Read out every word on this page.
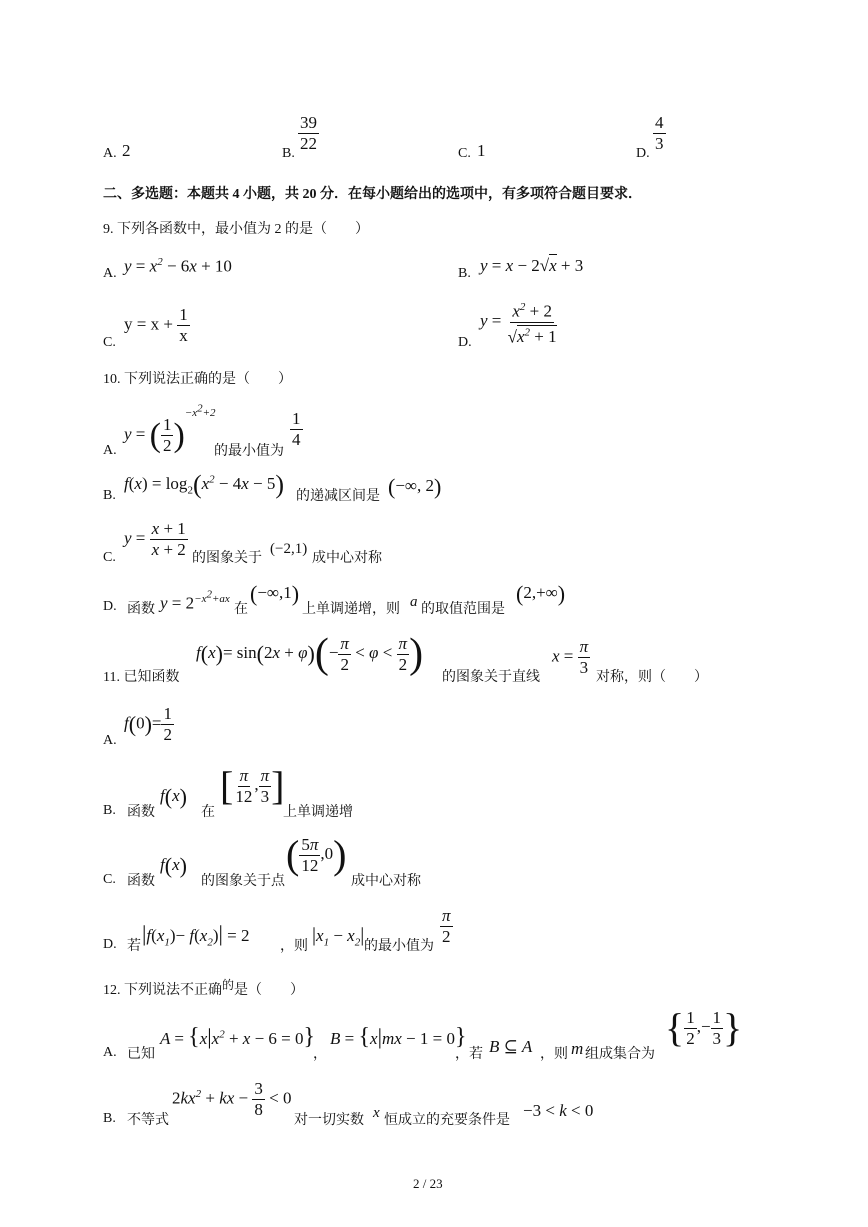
A. 2	B.
$\frac{39}{22}$
C. 1	D.
$\frac{4}{3}$
二、多选题：本题共 4 小题，共 20 分．在每小题给出的选项中，有多项符合题目要求．
9. 下列各函数中，最小值为 2 的是（　　）
A. $y = x^2 - 6x + 10$	B. y = x − 2√x + 3
C.
$y = x + \frac{1}{x}$	D.
$y = \frac{x^2 + 2}{√x^2 + 1}$
10. 下列说法正确的是（　　）
A.
y = ( $\frac{1}{2} )^{-x^2+2}$
的最小值为
$\frac{1}{4}$
B.
$f(x) = \log_2(x^2 - 4x - 5)$ 的递减区间是 (−∞, 2)
C.
$y = \frac{x + 1}{x + 2}$ 的图象关于
(−2,1)
成中心对称
D. 函数 $y = 2^{-x^2+ax}$
在
(−∞,1)
上单调递增，则 a 的取值范围是
(2,+∞)
11. 已知函数
$f(x)= \sin(2x + \varphi)(- \frac{\pi}{2} < \varphi < \frac{\pi}{2}$ )
的图象关于直线
$x = \frac{\pi}{3}$
对称，则（　　）
A.
$f(0)= \frac{1}{2}$
B. 函数
f(x)
在
[ $\frac{\pi}{12}$ , $\frac{\pi}{3}$ ]
上单调递增
C. 函数
f(x)
的图象关于点
( $\frac{5\pi}{12} ,0$)
成中心对称
D. 若
$|f(x_1)- f(x_2)| = 2$
，则
$|x_1 - x_2|$
的最小值为
$\frac{\pi}{2}$
12. 下列说法不正确$^的$是（　　）
A. 已知
$A = \{x|x^2 + x - 6 = 0\}$
，
B = {x|mx − 1 = 0}
，若 B ⊆ A ，则 m 组成集合为
{ $\frac{1}{2}$ ,− $\frac{1}{3}$ }
B. 不等式
$2kx^2$ + kx − $\frac{3}{8} < 0$
对一切实数 x 恒成立的充要条件是
−3 < k < 0
2 / 23
